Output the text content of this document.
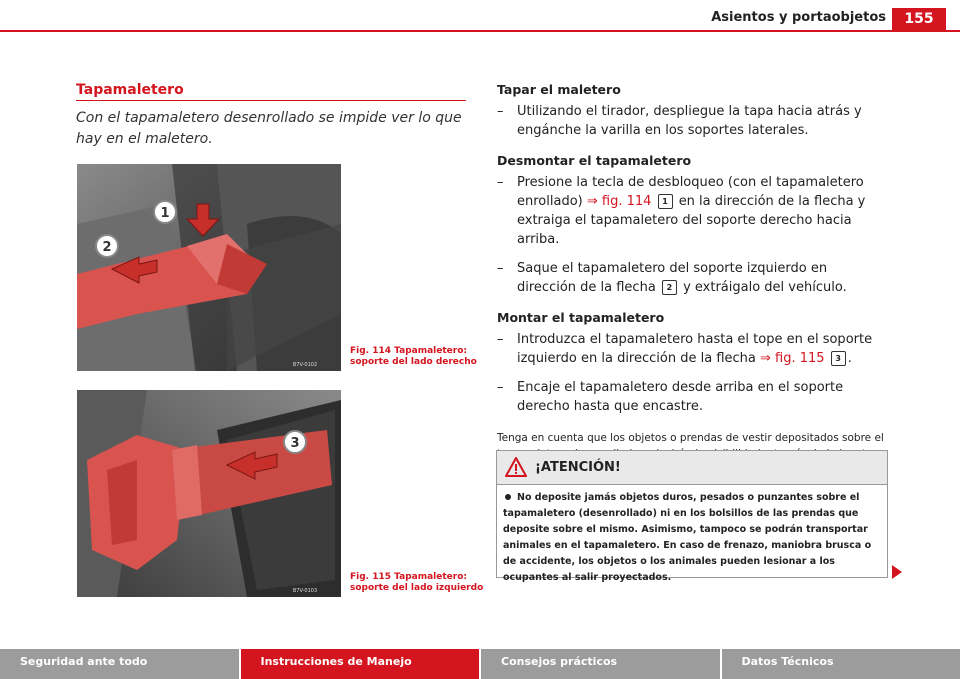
Asientos y portaobjetos	155
Tapamaletero
Con el tapamaletero desenrollado se impide ver lo que hay en el maletero.
1
2
B7V-0102
Fig. 114 Tapamaletero:
soporte del lado derecho
3
B7V-0103
Fig. 115 Tapamaletero:
soporte del lado izquierdo
Tapar el maletero

– Utilizando el tirador, despliegue la tapa hacia atrás y engánche la varilla en los soportes laterales.

Desmontar el tapamaletero

– Presione la tecla de desbloqueo (con el tapamaletero enrollado) ⇒ fig. 114 1 en la dirección de la flecha y extraiga el tapamaletero del soporte derecho hacia arriba.

– Saque el tapamaletero del soporte izquierdo en dirección de la flecha 2 y extráigalo del vehículo.

Montar el tapamaletero

– Introduzca el tapamaletero hasta el tope en el soporte izquierdo en la dirección de la flecha ⇒ fig. 115 3 .

– Encaje el tapamaletero desde arriba en el soporte derecho hasta que encastre.

Tenga en cuenta que los objetos o prendas de vestir depositados sobre el

¡ATENCIÓN!
No deposite jamás objetos duros, pesados o punzantes sobre el tapamaletero (desenrollado) ni en los bolsillos de las prendas que deposite sobre el mismo. Asimismo, tampoco se podrán transportar animales en el tapamaletero. En caso de frenazo, maniobra brusca o de accidente, los objetos o los animales pueden lesionar a los ocupantes al salir proyectados.
Seguridad ante todo	Instrucciones de Manejo	Consejos prácticos	Datos Técnicos
